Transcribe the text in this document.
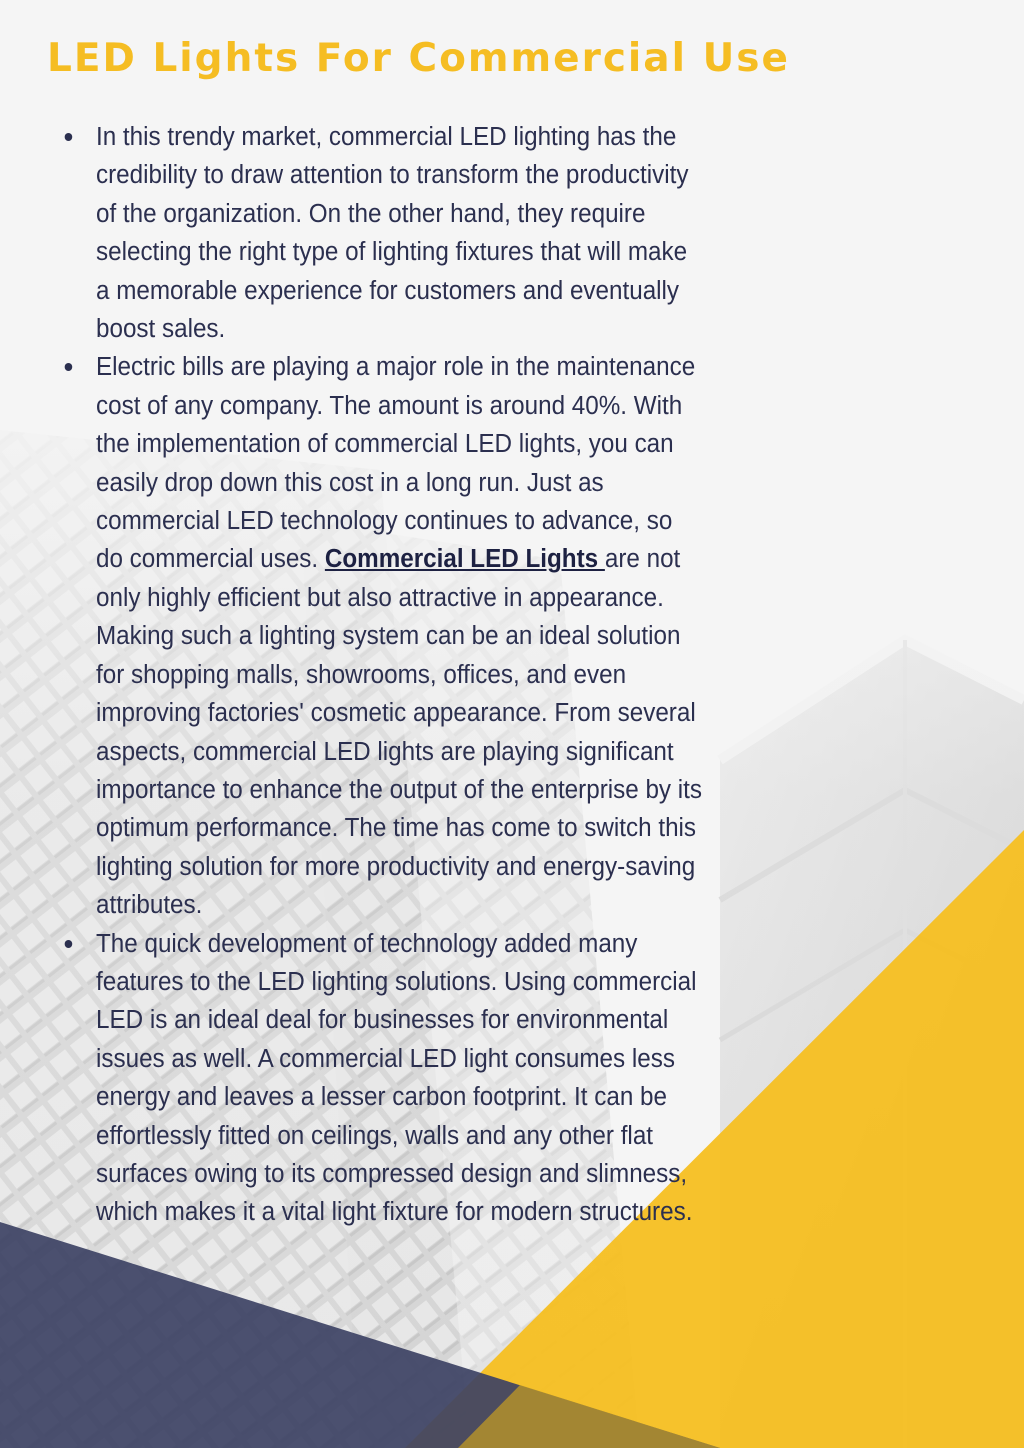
LED Lights For Commercial Use
In this trendy market, commercial LED lighting has the credibility to draw attention to transform the productivity of the organization. On the other hand, they require selecting the right type of lighting fixtures that will make a memorable experience for customers and eventually boost sales.
Electric bills are playing a major role in the maintenance cost of any company. The amount is around 40%. With the implementation of commercial LED lights, you can easily drop down this cost in a long run. Just as commercial LED technology continues to advance, so do commercial uses. Commercial LED Lights are not only highly efficient but also attractive in appearance. Making such a lighting system can be an ideal solution for shopping malls, showrooms, offices, and even improving factories' cosmetic appearance. From several aspects, commercial LED lights are playing significant importance to enhance the output of the enterprise by its optimum performance. The time has come to switch this lighting solution for more productivity and energy-saving attributes.
The quick development of technology added many features to the LED lighting solutions. Using commercial LED is an ideal deal for businesses for environmental issues as well. A commercial LED light consumes less energy and leaves a lesser carbon footprint. It can be effortlessly fitted on ceilings, walls and any other flat surfaces owing to its compressed design and slimness, which makes it a vital light fixture for modern structures.
